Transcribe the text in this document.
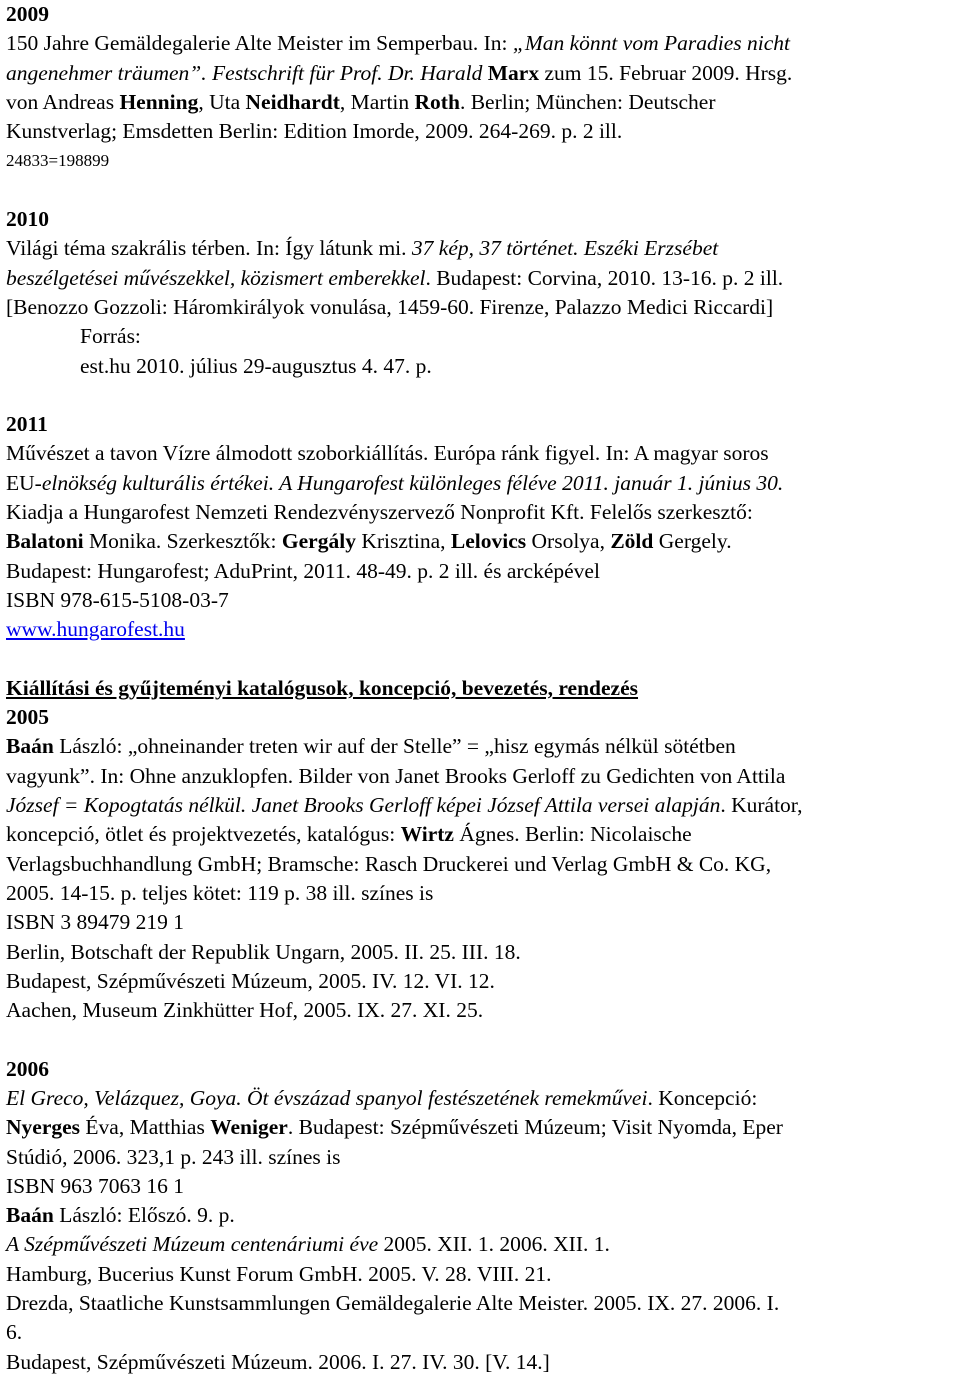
2009

150 Jahre Gemäldegalerie Alte Meister im Semperbau. In: „Man könnt vom Paradies nicht

angenehmer träumen”. Festschrift für Prof. Dr. Harald Marx zum 15. Februar 2009. Hrsg.

von Andreas Henning, Uta Neidhardt, Martin Roth. Berlin; München: Deutscher

Kunstverlag; Emsdetten Berlin: Edition Imorde, 2009. 264-269. p. 2 ill.

24833=198899

2010

Világi téma szakrális térben. In: Így látunk mi. 37 kép, 37 történet. Eszéki Erzsébet

beszélgetései művészekkel, közismert emberekkel. Budapest: Corvina, 2010. 13-16. p. 2 ill.

[Benozzo Gozzoli: Háromkirályok vonulása, 1459-60. Firenze, Palazzo Medici Riccardi]

Forrás:

est.hu 2010. július 29-augusztus 4. 47. p.

2011

Művészet a tavon Vízre álmodott szoborkiállítás. Európa ránk figyel. In: A magyar soros

EU-elnökség kulturális értékei. A Hungarofest különleges féléve 2011. január 1. június 30.

Kiadja a Hungarofest Nemzeti Rendezvényszervező Nonprofit Kft. Felelős szerkesztő:

Balatoni Monika. Szerkesztők: Gergály Krisztina, Lelovics Orsolya, Zöld Gergely.

Budapest: Hungarofest; AduPrint, 2011. 48-49. p. 2 ill. és arcképével

ISBN 978-615-5108-03-7

www.hungarofest.hu

Kiállítási és gyűjteményi katalógusok, koncepció, bevezetés, rendezés

2005

Baán László: „ohneinander treten wir auf der Stelle” = „hisz egymás nélkül sötétben

vagyunk”. In: Ohne anzuklopfen. Bilder von Janet Brooks Gerloff zu Gedichten von Attila

József = Kopogtatás nélkül. Janet Brooks Gerloff képei József Attila versei alapján. Kurátor,

koncepció, ötlet és projektvezetés, katalógus: Wirtz Ágnes. Berlin: Nicolaische

Verlagsbuchhandlung GmbH; Bramsche: Rasch Druckerei und Verlag GmbH & Co. KG,

2005. 14-15. p. teljes kötet: 119 p. 38 ill. színes is

ISBN 3 89479 219 1

Berlin, Botschaft der Republik Ungarn, 2005. II. 25. III. 18.

Budapest, Szépművészeti Múzeum, 2005. IV. 12. VI. 12.

Aachen, Museum Zinkhütter Hof, 2005. IX. 27. XI. 25.

2006

El Greco, Velázquez, Goya. Öt évszázad spanyol festészetének remekművei. Koncepció:

Nyerges Éva, Matthias Weniger. Budapest: Szépművészeti Múzeum; Visit Nyomda, Eper

Stúdió, 2006. 323,1 p. 243 ill. színes is

ISBN 963 7063 16 1

Baán László: Előszó. 9. p.

A Szépművészeti Múzeum centenáriumi éve 2005. XII. 1. 2006. XII. 1.

Hamburg, Bucerius Kunst Forum GmbH. 2005. V. 28. VIII. 21.

Drezda, Staatliche Kunstsammlungen Gemäldegalerie Alte Meister. 2005. IX. 27. 2006. I.

6.

Budapest, Szépművészeti Múzeum. 2006. I. 27. IV. 30. [V. 14.]
